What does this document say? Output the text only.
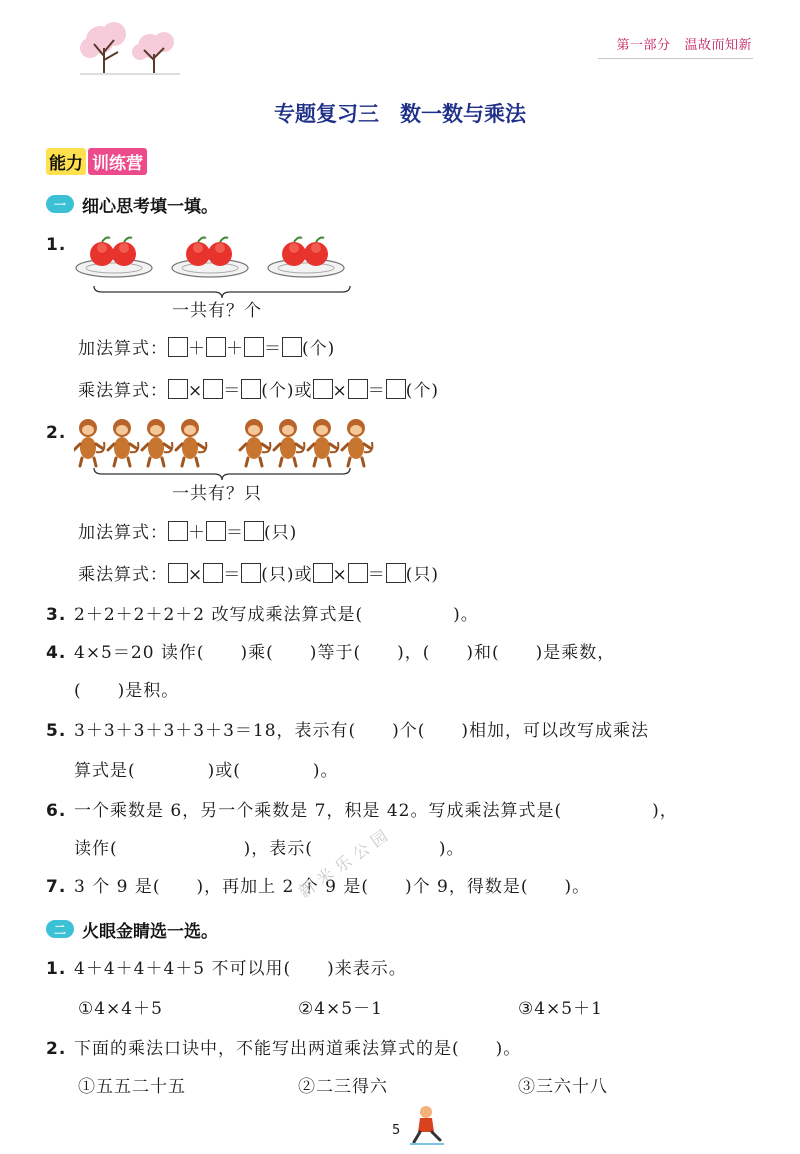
第一部分 温故而知新
专题复习三　数一数与乘法
能力 训练营
一 细心思考填一填。
1.
一共有？个
加法算式： ＋ ＋ ＝ (个)
乘法算式： × ＝ (个)或 × ＝ (个)
2.
一共有？只
加法算式： ＋ ＝ (只)
乘法算式： × ＝ (只)或 × ＝ (只)
3. 2＋2＋2＋2＋2 改写成乘法算式是(　　　　　)。
4. 4×5＝20 读作(　　)乘(　　)等于(　　)，(　　)和(　　)是乘数，
(　　)是积。
5. 3＋3＋3＋3＋3＋3＝18，表示有(　　)个(　　)相加，可以改写成乘法
算式是(　　　　)或(　　　　)。
6. 一个乘数是 6，另一个乘数是 7，积是 42。写成乘法算式是(　　　　　)，
读作(　　　　　　　)，表示(　　　　　　　)。
7. 3 个 9 是(　　)，再加上 2 个 9 是(　　)个 9，得数是(　　)。
新米乐公园
二 火眼金睛选一选。
1. 4＋4＋4＋4＋5 不可以用(　　)来表示。
①4×4＋5	②4×5－1	③4×5＋1
2. 下面的乘法口诀中，不能写出两道乘法算式的是(　　)。
①五五二十五	②二三得六	③三六十八
5
